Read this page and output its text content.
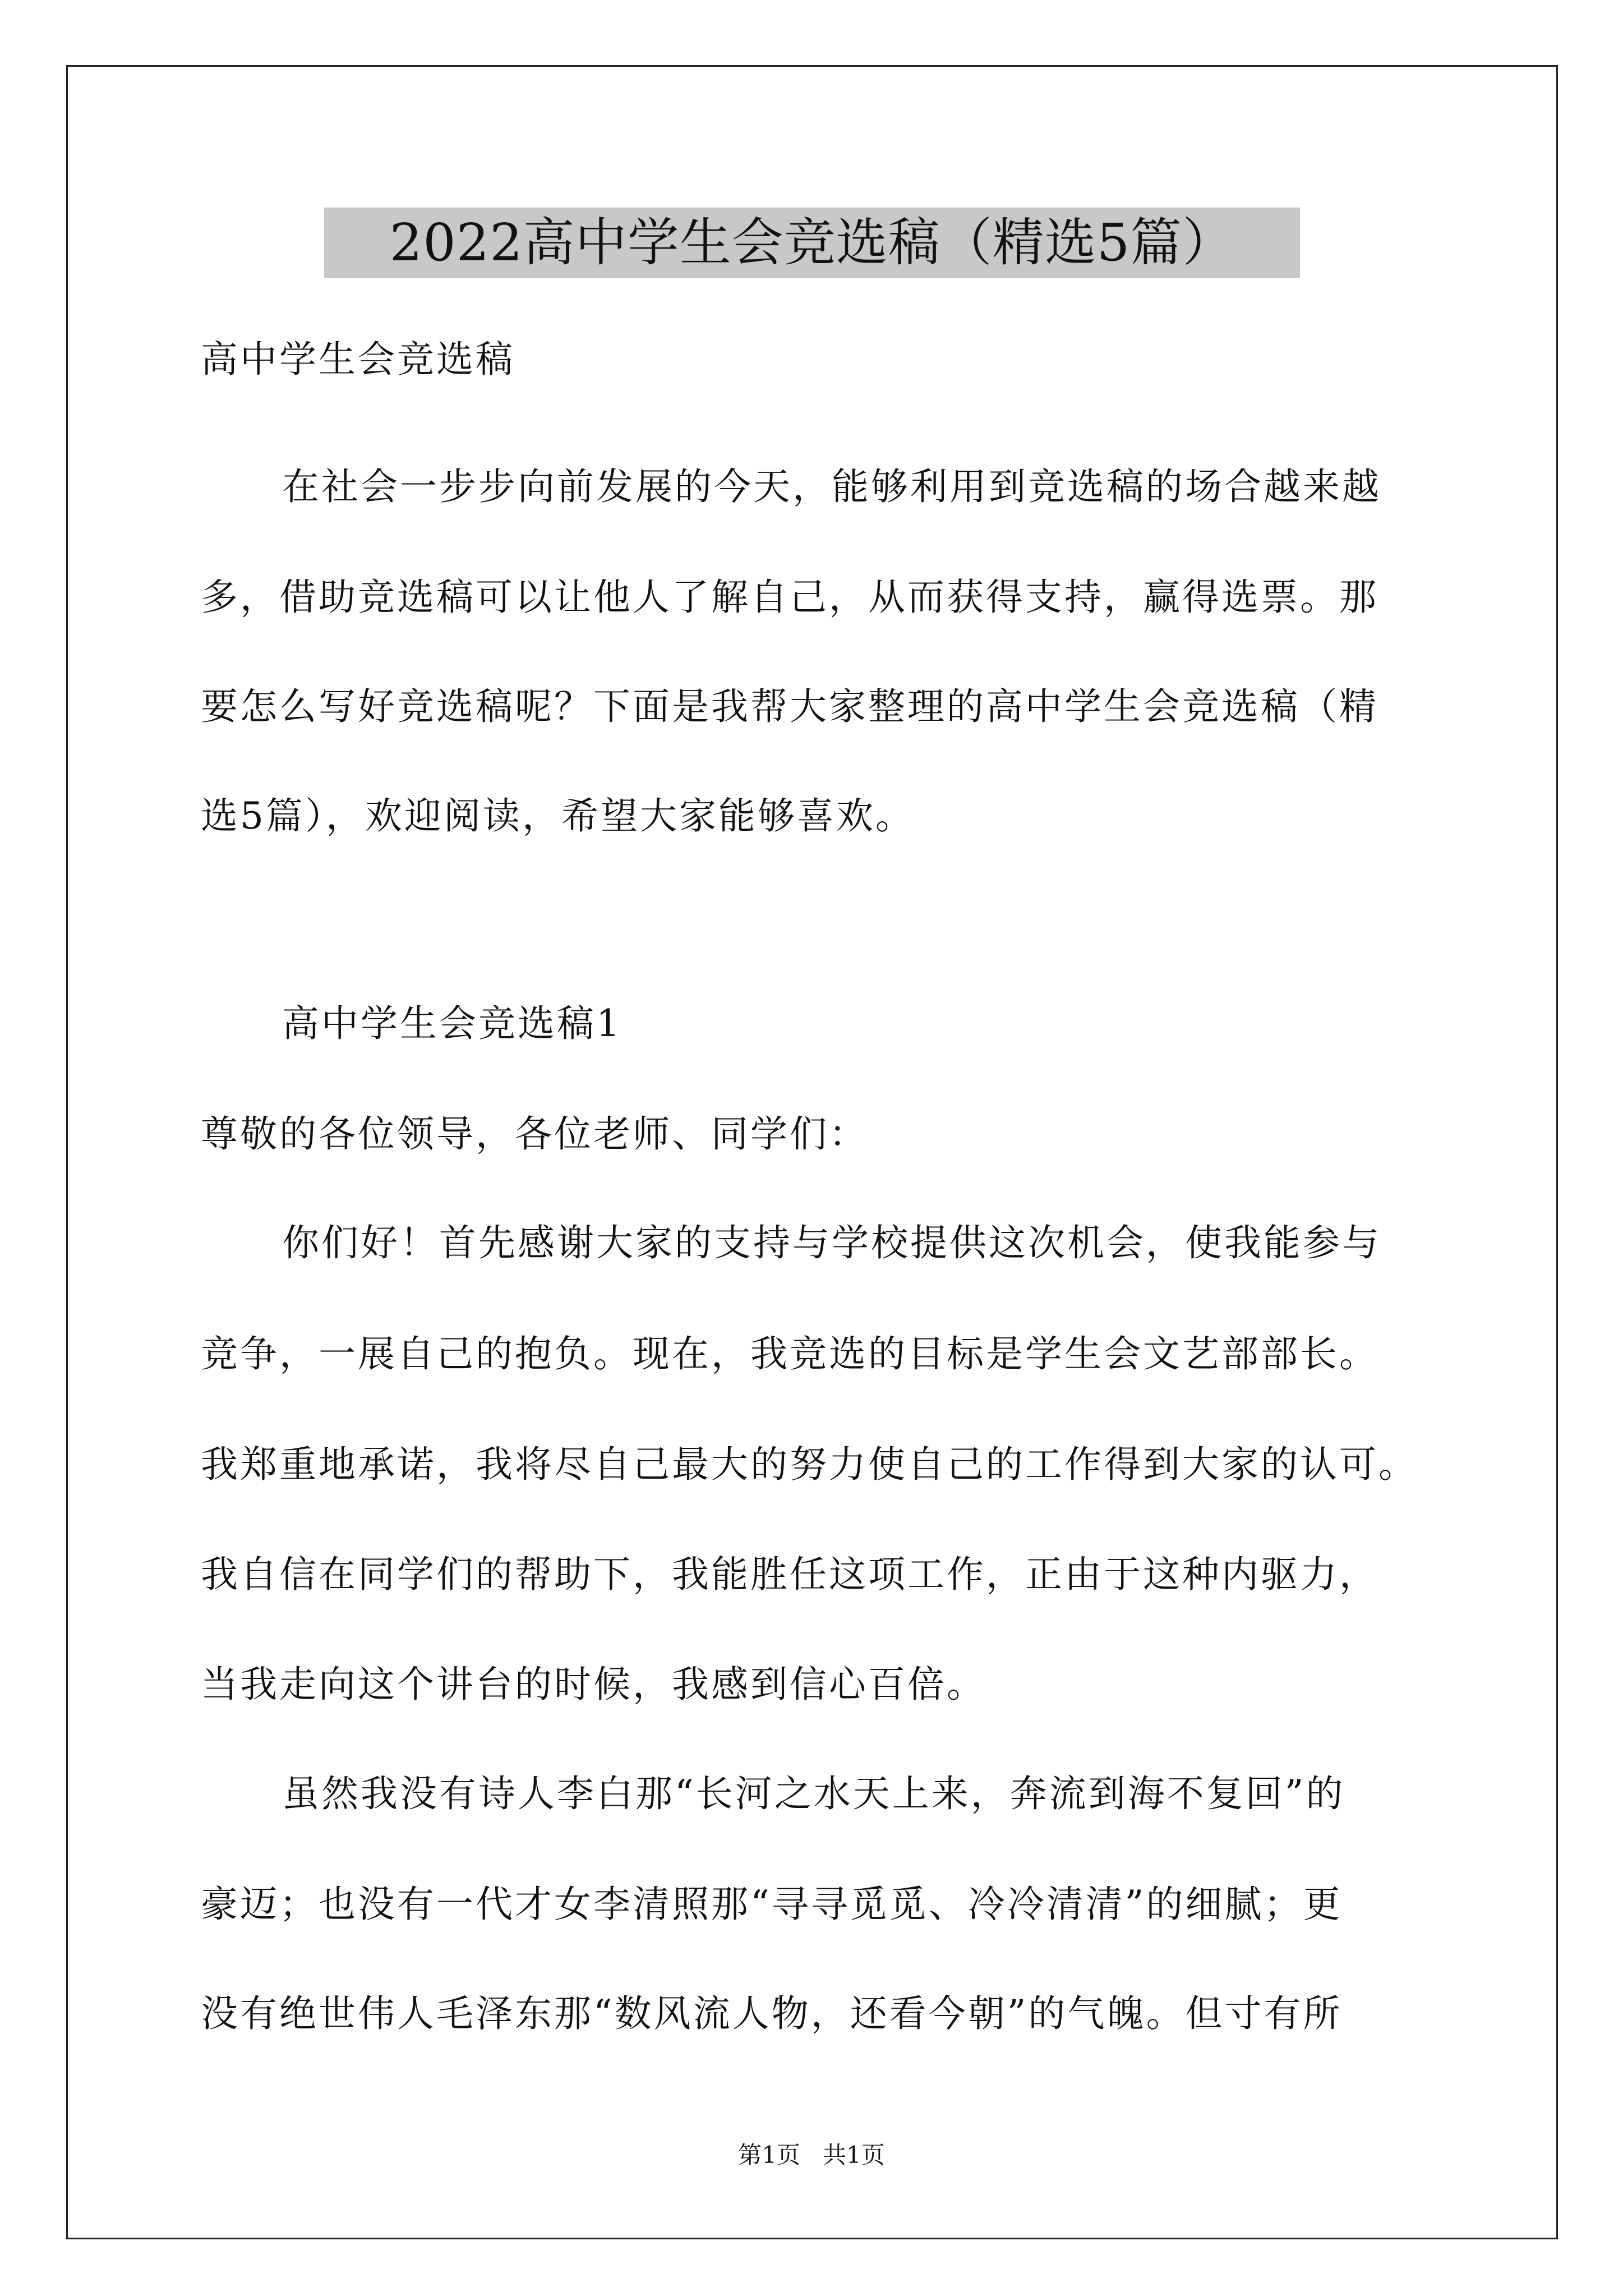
2022高中学生会竞选稿（精选5篇）
高中学生会竞选稿
在社会一步步向前发展的今天，能够利用到竞选稿的场合越来越
多，借助竞选稿可以让他人了解自己，从而获得支持，赢得选票。那
要怎么写好竞选稿呢？下面是我帮大家整理的高中学生会竞选稿（精
选5篇），欢迎阅读，希望大家能够喜欢。
高中学生会竞选稿1
尊敬的各位领导，各位老师、同学们：
你们好！首先感谢大家的支持与学校提供这次机会，使我能参与
竞争，一展自己的抱负。现在，我竞选的目标是学生会文艺部部长。
我郑重地承诺，我将尽自己最大的努力使自己的工作得到大家的认可。
我自信在同学们的帮助下，我能胜任这项工作，正由于这种内驱力，
当我走向这个讲台的时候，我感到信心百倍。
虽然我没有诗人李白那“长河之水天上来，奔流到海不复回”的
豪迈；也没有一代才女李清照那“寻寻觅觅、冷冷清清”的细腻；更
没有绝世伟人毛泽东那“数风流人物，还看今朝”的气魄。但寸有所
第1页   共1页
